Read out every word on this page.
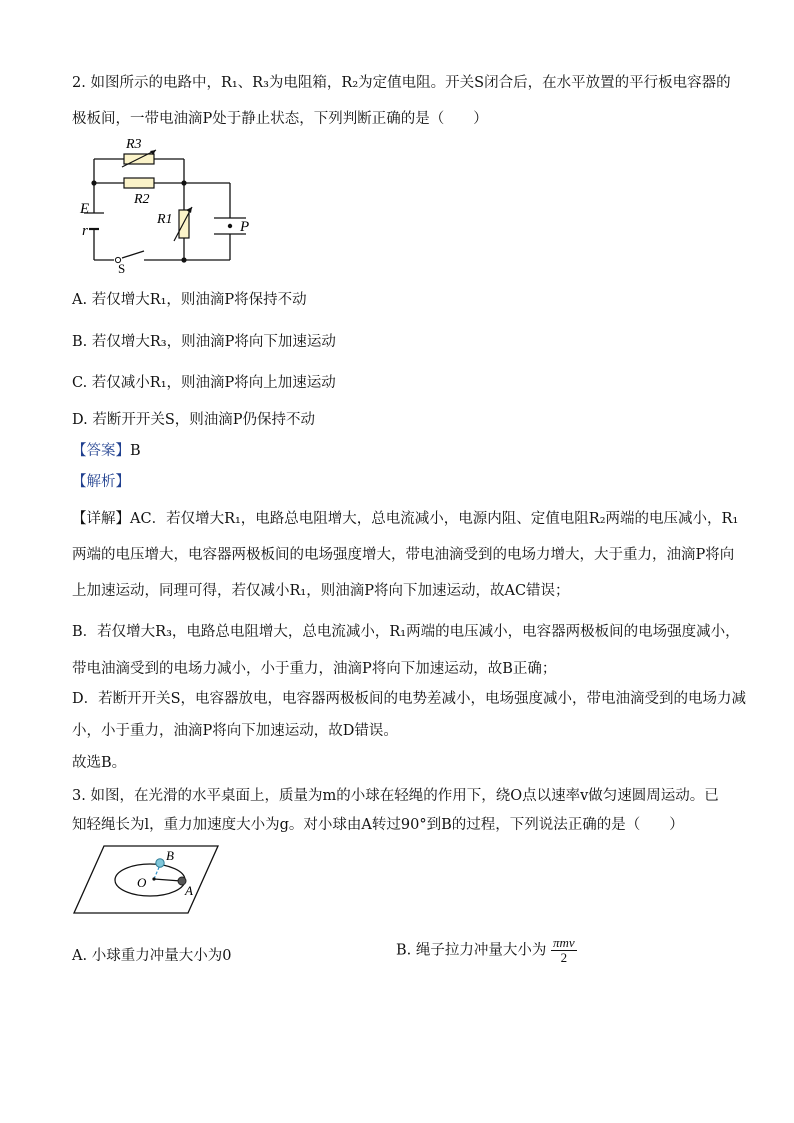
2. 如图所示的电路中，R₁、R₃为电阻箱，R₂为定值电阻。开关S闭合后，在水平放置的平行板电容器的
极板间，一带电油滴P处于静止状态，下列判断正确的是（　　）
R3
R2
R1
E
r
S
P
A. 若仅增大R₁，则油滴P将保持不动
B. 若仅增大R₃，则油滴P将向下加速运动
C. 若仅减小R₁，则油滴P将向上加速运动
D. 若断开开关S，则油滴P仍保持不动
【答案】B
【解析】
【详解】AC．若仅增大R₁，电路总电阻增大，总电流减小，电源内阻、定值电阻R₂两端的电压减小，R₁
两端的电压增大，电容器两极板间的电场强度增大，带电油滴受到的电场力增大，大于重力，油滴P将向
上加速运动，同理可得，若仅减小R₁，则油滴P将向下加速运动，故AC错误；
B．若仅增大R₃，电路总电阻增大，总电流减小，R₁两端的电压减小，电容器两极板间的电场强度减小，
带电油滴受到的电场力减小，小于重力，油滴P将向下加速运动，故B正确；
D．若断开开关S，电容器放电，电容器两极板间的电势差减小，电场强度减小，带电油滴受到的电场力减
小，小于重力，油滴P将向下加速运动，故D错误。
故选B。
3. 如图，在光滑的水平桌面上，质量为m的小球在轻绳的作用下，绕O点以速率v做匀速圆周运动。已
知轻绳长为l，重力加速度大小为g。对小球由A转过90°到B的过程，下列说法正确的是（　　）
B
O
A
A. 小球重力冲量大小为0	B. 绳子拉力冲量大小为 $\frac{\text{πmv}}{2}$
